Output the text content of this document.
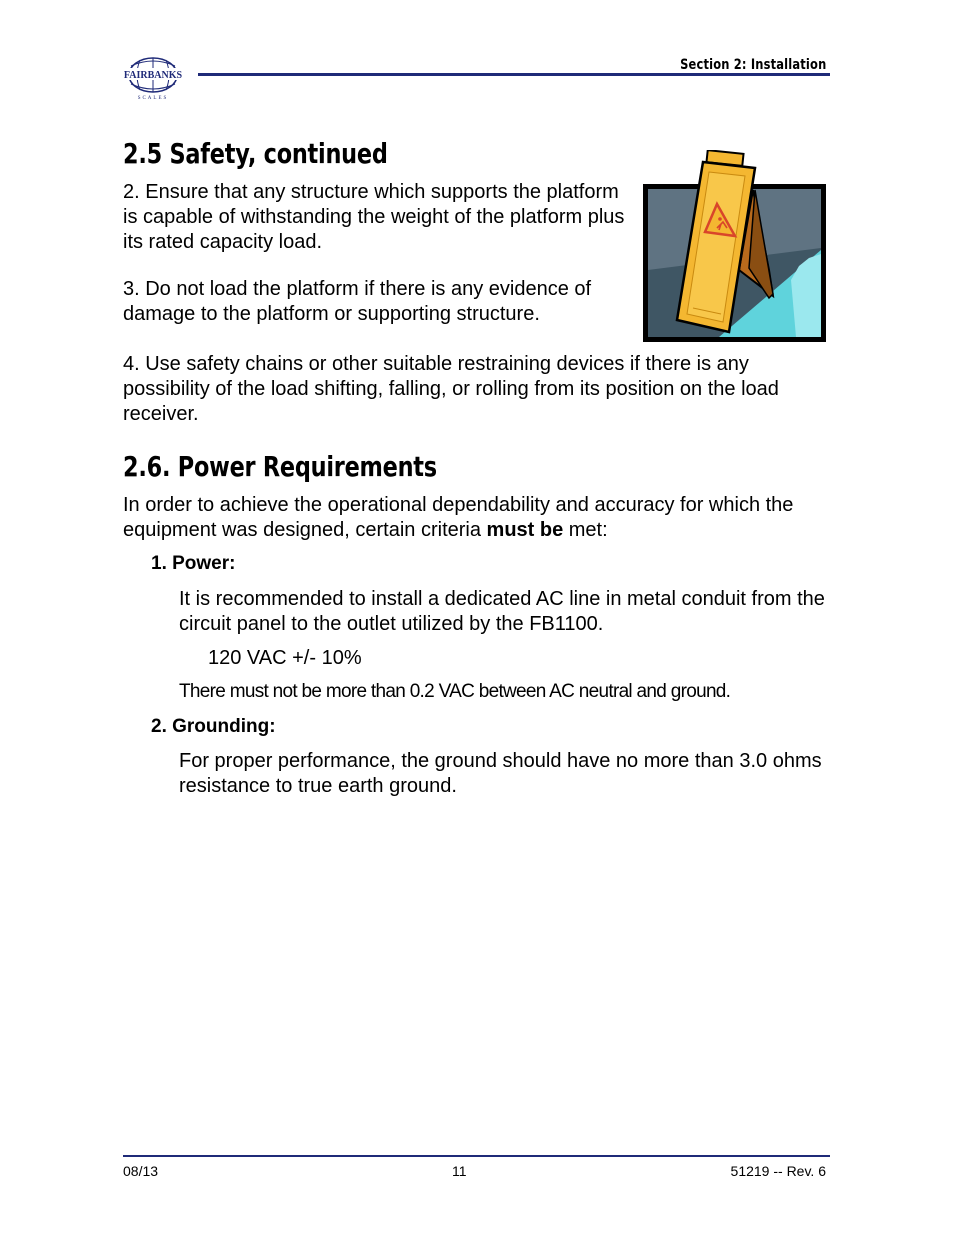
FAIRBANKS
SCALES
Section 2: Installation
2.5 Safety, continued
2. Ensure that any structure which supports the platform is capable of withstanding the weight of the platform plus its rated capacity load.
3. Do not load the platform if there is any evidence of damage to the platform or supporting structure.
4. Use safety chains or other suitable restraining devices if there is any possibility of the load shifting, falling, or rolling from its position on the load receiver.
2.6. Power Requirements
In order to achieve the operational dependability and accuracy for which the equipment was designed, certain criteria must be met:
1. Power:
It is recommended to install a dedicated AC line in metal conduit from the circuit panel to the outlet utilized by the FB1100.
120 VAC +/- 10%
There must not be more than 0.2 VAC between AC neutral and ground.
2. Grounding:
For proper performance, the ground should have no more than 3.0 ohms resistance to true earth ground.
08/13	11	51219 -- Rev. 6
